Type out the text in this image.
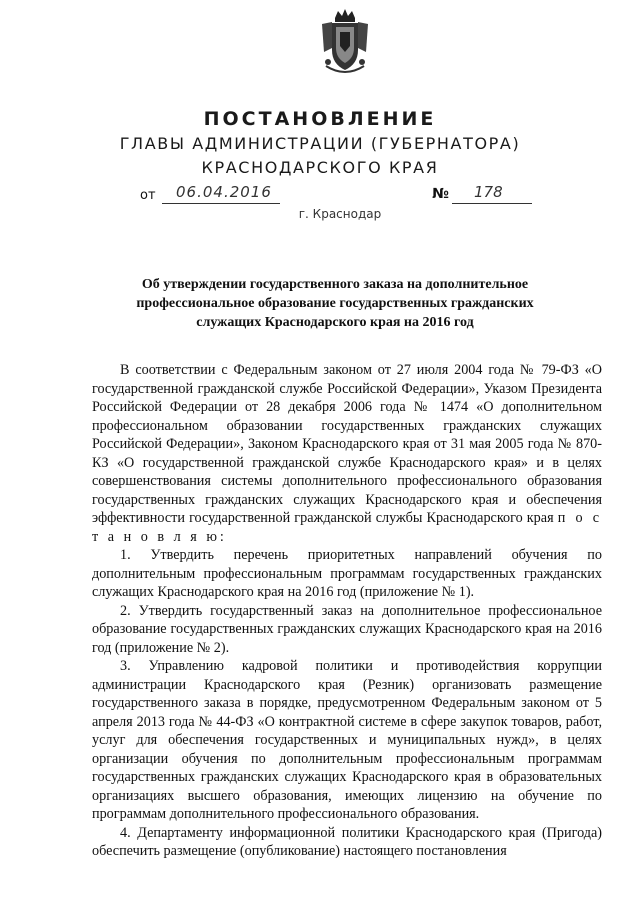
ПОСТАНОВЛЕНИЕ
ГЛАВЫ АДМИНИСТРАЦИИ (ГУБЕРНАТОРА)
КРАСНОДАРСКОГО КРАЯ
от 06.04.2016	№ 178
г. Краснодар
Об утверждении государственного заказа на дополнительное
профессиональное образование государственных гражданских
служащих Краснодарского края на 2016 год

В соответствии с Федеральным законом от 27 июля 2004 года № 79-ФЗ «О государственной гражданской службе Российской Федерации», Указом Президента Российской Федерации от 28 декабря 2006 года № 1474 «О дополнительном профессиональном образовании государственных гражданских служащих Российской Федерации», Законом Краснодарского края от 31 мая 2005 года № 870-КЗ «О государственной гражданской службе Краснодарского края» и в целях совершенствования системы дополнительного профессионального образования государственных гражданских служащих Краснодарского края и обеспечения эффективности государственной гражданской службы Краснодарского края п о с т а н о в л я ю:

1. Утвердить перечень приоритетных направлений обучения по дополнительным профессиональным программам государственных гражданских служащих Краснодарского края на 2016 год (приложение № 1).

2. Утвердить государственный заказ на дополнительное профессиональное образование государственных гражданских служащих Краснодарского края на 2016 год (приложение № 2).

3. Управлению кадровой политики и противодействия коррупции администрации Краснодарского края (Резник) организовать размещение государственного заказа в порядке, предусмотренном Федеральным законом от 5 апреля 2013 года № 44-ФЗ «О контрактной системе в сфере закупок товаров, работ, услуг для обеспечения государственных и муниципальных нужд», в целях организации обучения по дополнительным профессиональным программам государственных гражданских служащих Краснодарского края в образовательных организациях высшего образования, имеющих лицензию на обучение по программам дополнительного профессионального образования.

4. Департаменту информационной политики Краснодарского края (Пригода) обеспечить размещение (опубликование) настоящего постановления
